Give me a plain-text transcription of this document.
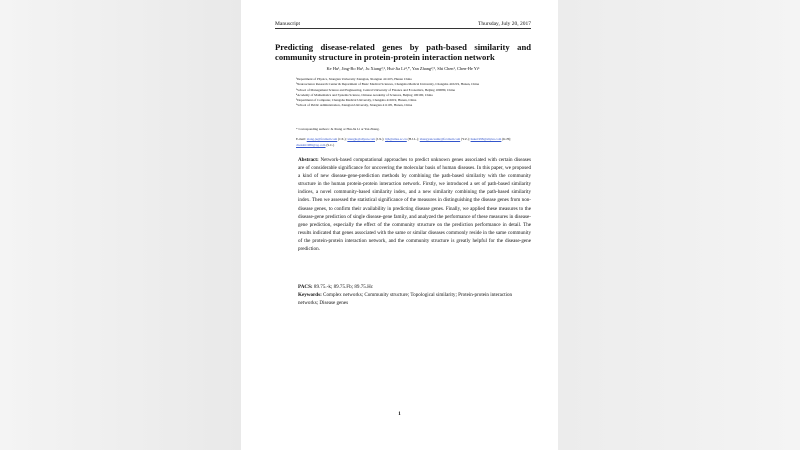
Manuscript	Thursday, July 20, 2017
Predicting disease-related genes by path-based similarity and community structure in protein-protein interaction network
Ke Hu¹, Jing-Bo Hu¹, Ju Xiang²,³, Hui-Jia Li⁴,*, Yan Zhang²,⁵, Shi Chen¹, Chen-He Yi⁶
¹Department of Physics, Xiangtan University Xiangtan, Xiangtan 411105, Hunan China
²Neuroscience Research Center & Department of Basic Medical Sciences, Changsha Medical University, Changsha 410219, Hunan, China
³School of Management Science and Engineering, Central University of Finance and Economics, Beijing 100080, China
⁴Academy of Mathematics and Systems Science, Chinese Academy of Sciences, Beijing 100190, China
⁵Department of Computer, Changsha Medical University, Changsha 410219, Hunan, China
⁶School of Public Administration, Xiangtan University, Xiangtan 411105, Hunan, China
* Corresponding authors: Ju Xiang or Hui-Jia Li or Yan Zhang.
E-mail: xiang.ju@foxmail.com (J.X.); xiangju@aliyun.com (J.X.); lijh@amss.ac.cn (H.J.L.); zhangyancsumr@foxmail.com (Y.Z.); huke1998@aliyun.com (K.H); chenshi1980@qq.com (S.C.)
Abstract: Network-based computational approaches to predict unknown genes associated with certain diseases are of considerable significance for uncovering the molecular basis of human diseases. In this paper, we proposed a kind of new disease-gene-prediction methods by combining the path-based similarity with the community structure in the human protein-protein interaction network. Firstly, we introduced a set of path-based similarity indices, a novel community-based similarity index, and a new similarity combining the path-based similarity index. Then we assessed the statistical significance of the measures in distinguishing the disease genes from non-disease genes, to confirm their availability in predicting disease genes. Finally, we applied these measures to the disease-gene prediction of single disease-gene family, and analyzed the performance of these measures in disease-gene prediction, especially the effect of the community structure on the prediction performance in detail. The results indicated that genes associated with the same or similar diseases commonly reside in the same community of the protein-protein interaction network, and the community structure is greatly helpful for the disease-gene prediction.
PACS: 89.75.-k; 89.75.Fb; 89.75.Hc
Keywords: Complex networks; Community structure; Topological similarity; Protein-protein interaction networks; Disease genes
1
